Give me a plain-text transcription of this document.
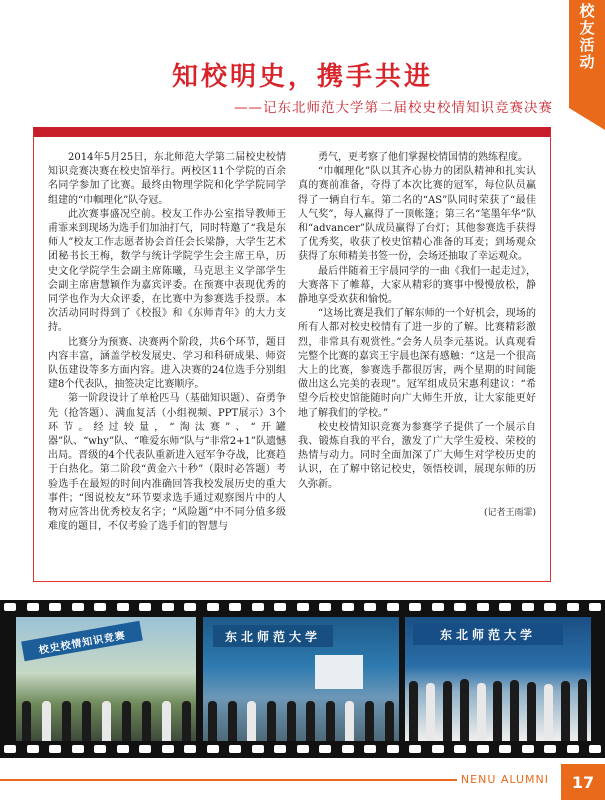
校
友
活
动
知校明史，携手共进
——记东北师范大学第二届校史校情知识竞赛决赛

2014年5月25日，东北师范大学第二届校史校情知识竞赛决赛在校史馆举行。两校区11个学院的百余名同学参加了比赛。最终由物理学院和化学学院同学组建的“巾帼理化”队夺冠。

此次赛事盛况空前。校友工作办公室指导教师王甫霏来到现场为选手们加油打气，同时特邀了“我是东师人”校友工作志愿者协会首任会长梁静，大学生艺术团秘书长王梅，数学与统计学院学生会主席王阜，历史文化学院学生会副主席陈曦，马克思主义学部学生会副主席唐慧颖作为嘉宾评委。在预赛中表现优秀的同学也作为大众评委，在比赛中为参赛选手投票。本次活动同时得到了《校报》和《东师青年》的大力支持。

比赛分为预赛、决赛两个阶段，共6个环节，题目内容丰富，涵盖学校发展史、学习和科研成果、师资队伍建设等多方面内容。进入决赛的24位选手分别组建8个代表队，抽签决定比赛顺序。

第一阶段设计了单枪匹马（基础知识题）、奋勇争先（抢答题）、满血复活（小组视频、PPT展示）3个环节。经过较量，“淘汰赛”、“开罐器”队、“why”队、“唯爱东师”队与“非常2+1”队遗憾出局。晋级的4个代表队重新进入冠军争夺战，比赛趋于白热化。第二阶段“黄金六十秒”（限时必答题）考验选手在最短的时间内准确回答我校发展历史的重大事件；“图说校友”环节要求选手通过观察图片中的人物对应答出优秀校友名字；“风险题”中不同分值多级难度的题目，不仅考验了选手们的智慧与

勇气，更考察了他们掌握校情国情的熟练程度。

“巾帼理化”队以其齐心协力的团队精神和扎实认真的赛前准备，夺得了本次比赛的冠军，每位队员赢得了一辆自行车。第二名的“AS”队同时荣获了“最佳人气奖”，每人赢得了一顶帐篷；第三名“笔墨年华”队和“advancer”队成员赢得了台灯；其他参赛选手获得了优秀奖，收获了校史馆精心准备的耳麦；到场观众获得了东师精美书签一份，会场还抽取了幸运观众。

最后伴随着王宇晨同学的一曲《我们一起走过》，大赛落下了帷幕，大家从精彩的赛事中慢慢放松，静静地享受欢获和愉悦。

“这场比赛是我们了解东师的一个好机会，现场的所有人都对校史校情有了进一步的了解。比赛精彩激烈，非常具有观赏性。”会务人员李元基说。认真观看完整个比赛的嘉宾王宇晨也深有感触：“这是一个很高大上的比赛，参赛选手都很厉害，两个星期的时间能做出这么完美的表现”。冠军组成员宋惠利建议：“希望今后校史馆能随时向广大师生开放，让大家能更好地了解我们的学校。”

校史校情知识竞赛为参赛学子提供了一个展示自我、锻炼自我的平台，激发了广大学生爱校、荣校的热情与动力。同时全面加深了广大师生对学校历史的认识，在了解中铭记校史，领悟校训，展现东师的历久弥新。

(记者王雨霏)

校史校情知识竞赛	东北师范大学	东北师范大学
NENU ALUMNI	17
